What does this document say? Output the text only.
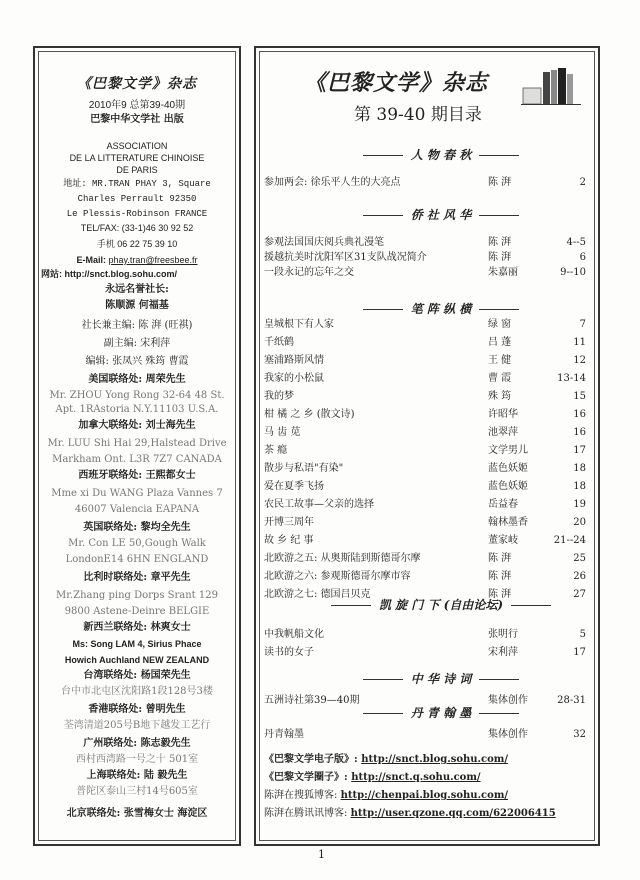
《巴黎文学》杂志
2010年9 总第39-40期
巴黎中华文学社 出版
ASSOCIATION
DE LA LITTERATURE CHINOISE
DE PARIS
地址: MR.TRAN PHAY 3, Square
Charles Perrault 92350
Le Plessis-Robinson FRANCE
TEL/FAX: (33-1)46 30 92 52
手机 06 22 75 39 10
E-Mail: phay.tran@freesbee.fr
网站: http://snct.blog.sohu.com/
永远名誉社长:
陈顺源 何福基
社长兼主编: 陈 湃 (旺祺)
副主编: 宋利萍
编辑: 张凤兴 殊筠 曹霞
美国联络处: 周荣先生
Mr. ZHOU Yong Rong 32-64 48 St.
Apt. 1RAstoria N.Y.11103 U.S.A.
加拿大联络处: 刘士海先生
Mr. LUU Shi Hai 29,Halstead Drive
Markham Ont. L3R 7Z7 CANADA
西班牙联络处: 王熙都女士
Mme xi Du WANG Plaza Vannes 7
46007 Valencia EAPANA
英国联络处: 黎均全先生
Mr. Con LE 50,Gough Walk
LondonE14 6HN ENGLAND
比利时联络处: 章平先生
Mr.Zhang ping Dorps Srant 129
9800 Astene-Deinre BELGIE
新西兰联络处: 林爽女士
Ms: Song LAM 4, Sirius Phace
Howich Auchland NEW ZEALAND
台湾联络处: 杨国荣先生
台中市北屯区沈阳路1段128号3楼
香港联络处: 曾明先生
荃湾清道205号B地下越发工艺行
广州联络处: 陈志毅先生
西村西湾路一号之十 501室
上海联络处: 陆 毅先生
普陀区泰山三村14号605室
北京联络处: 张雪梅女士 海淀区
《巴黎文学》杂志
第 39-40 期目录
人 物 春 秋
侨 社 风 华
笔 阵 纵 横
凯 旋 门 下 (自由论坛)
中 华 诗 词
丹 青 翰 墨
参加两会: 徐乐平人生的大亮点	陈 湃	2
参观法国国庆阅兵典礼漫笔	陈 湃	4--5
援越抗美时沈阳军区31支队战况简介	陈 湃	6
一段永记的忘年之交	朱嘉丽	9--10
皇城根下有人家	绿 窗	7
千纸鹤	吕 蓬	11
塞浦路斯风情	王 健	12
我家的小松鼠	曹 霞	13-14
我的梦	殊 筠	15
柑 橘 之 乡 (散文诗)	许昭华	16
马 齿 苋	池翠萍	16
茶 瘾	文学男儿	17
散步与私语"有染"	蓝色妖姬	18
爱在夏季飞扬	蓝色妖姬	18
农民工故事—父亲的选择	岳益春	19
开博三周年	翰林墨香	20
故 乡 纪 事	董家岐	21--24
北欧游之五: 从奥斯陆到斯德哥尔摩	陈 湃	25
北欧游之六: 参观斯德哥尔摩市容	陈 湃	26
北欧游之七: 德国吕贝克	陈 湃	27
中我帆船文化	张明行	5
读书的女子	宋利萍	17
五洲诗社第39—40期	集体创作	28-31
丹青翰墨	集体创作	32
《巴黎文学电子版》: http://snct.blog.sohu.com/
《巴黎文学圈子》: http://snct.q.sohu.com/
陈湃在搜狐博客: http://chenpai.blog.sohu.com/
陈湃在腾讯讯博客: http://user.qzone.qq.com/622006415
1
